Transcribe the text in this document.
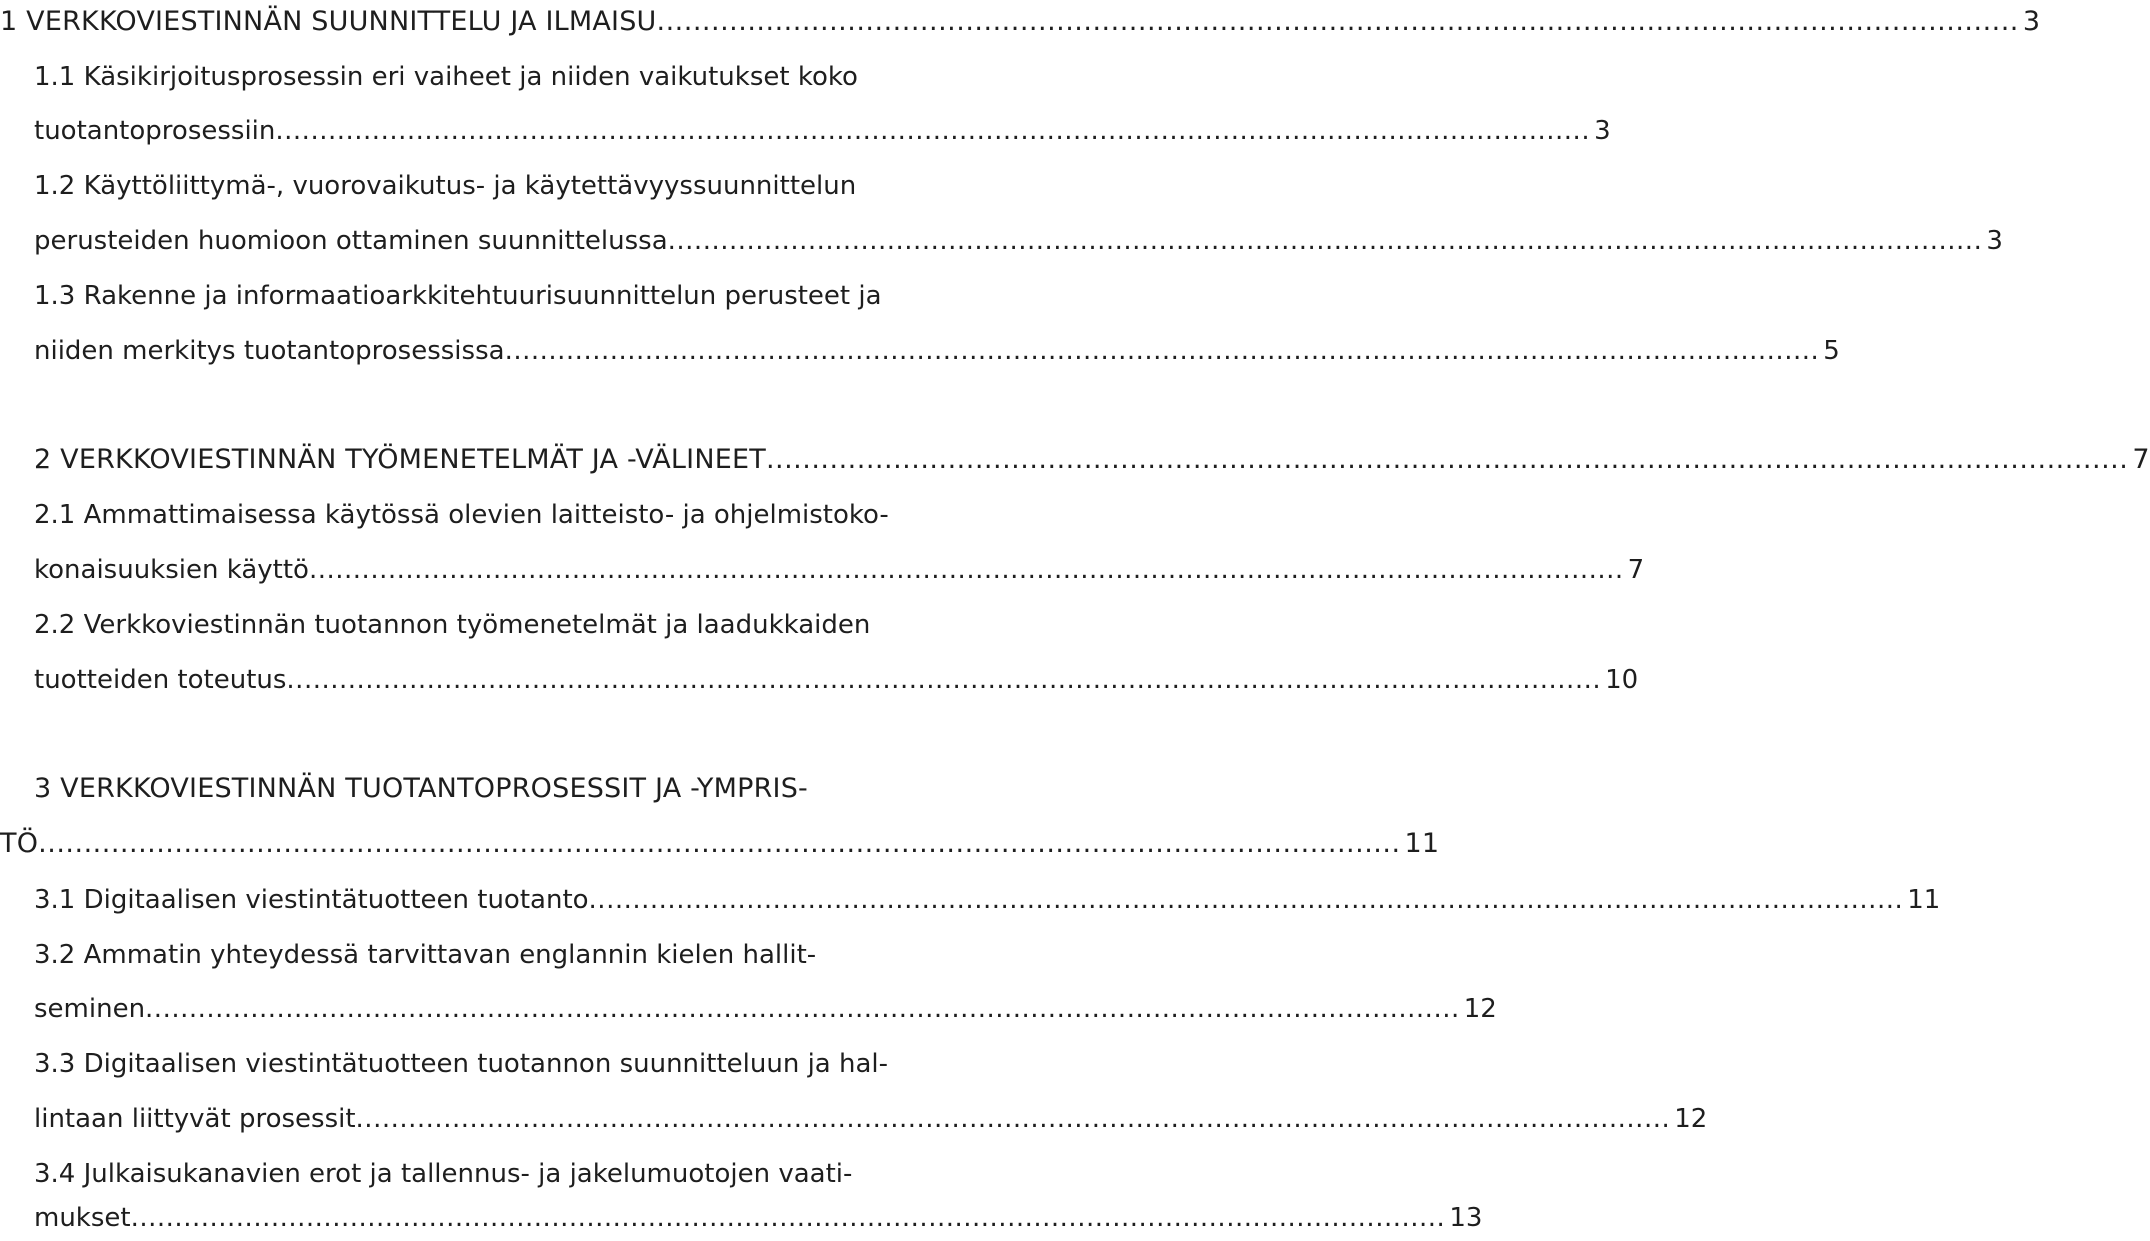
1 VERKKOVIESTINNÄN SUUNNITTELU JA ILMAISU ...................................................................................................................................................... 3
1.1 Käsikirjoitusprosessin eri vaiheet ja niiden vaikutukset koko
tuotantoprosessiin ...................................................................................................................................................... 3
1.2 Käyttöliittymä-, vuorovaikutus- ja käytettävyyssuunnittelun
perusteiden huomioon ottaminen suunnittelussa ...................................................................................................................................................... 3
1.3 Rakenne ja informaatioarkkitehtuurisuunnittelun perusteet ja
niiden merkitys tuotantoprosessissa ...................................................................................................................................................... 5
2 VERKKOVIESTINNÄN TYÖMENETELMÄT JA -VÄLINEET ...................................................................................................................................................... 7
2.1 Ammattimaisessa käytössä olevien laitteisto- ja ohjelmistoko-
konaisuuksien käyttö ...................................................................................................................................................... 7
2.2 Verkkoviestinnän tuotannon työmenetelmät ja laadukkaiden
tuotteiden toteutus ...................................................................................................................................................... 10
3 VERKKOVIESTINNÄN TUOTANTOPROSESSIT JA -YMPRIS-
TÖ ...................................................................................................................................................... 11
3.1 Digitaalisen viestintätuotteen tuotanto ...................................................................................................................................................... 11
3.2 Ammatin yhteydessä tarvittavan englannin kielen hallit-
seminen ...................................................................................................................................................... 12
3.3 Digitaalisen viestintätuotteen tuotannon suunnitteluun ja hal-
lintaan liittyvät prosessit ...................................................................................................................................................... 12
3.4 Julkaisukanavien erot ja tallennus- ja jakelumuotojen vaati-
mukset ...................................................................................................................................................... 13
